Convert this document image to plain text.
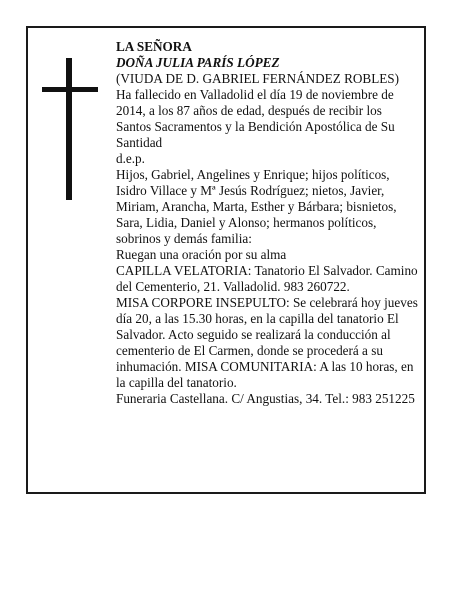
LA SEÑORA

DOÑA JULIA PARÍS LÓPEZ

(VIUDA DE D. GABRIEL FERNÁNDEZ ROBLES)

Ha fallecido en Valladolid el día 19 de noviembre de 2014, a los 87 años de edad, después de recibir los Santos Sacramentos y la Bendición Apostólica de Su Santidad

d.e.p.

Hijos, Gabriel, Angelines y Enrique; hijos políticos, Isidro Villace y Mª Jesús Rodríguez; nietos, Javier, Miriam, Arancha, Marta, Esther y Bárbara; bisnietos, Sara, Lidia, Daniel y Alonso; hermanos políticos, sobrinos y demás familia:

Ruegan una oración por su alma

CAPILLA VELATORIA: Tanatorio El Salvador. Camino del Cementerio, 21. Valladolid. 983 260722.

MISA CORPORE INSEPULTO: Se celebrará hoy jueves día 20, a las 15.30 horas, en la capilla del tanatorio El Salvador. Acto seguido se realizará la conducción al cementerio de El Carmen, donde se procederá a su inhumación. MISA COMUNITARIA: A las 10 horas, en la capilla del tanatorio.

Funeraria Castellana. C/ Angustias, 34. Tel.: 983 251225
